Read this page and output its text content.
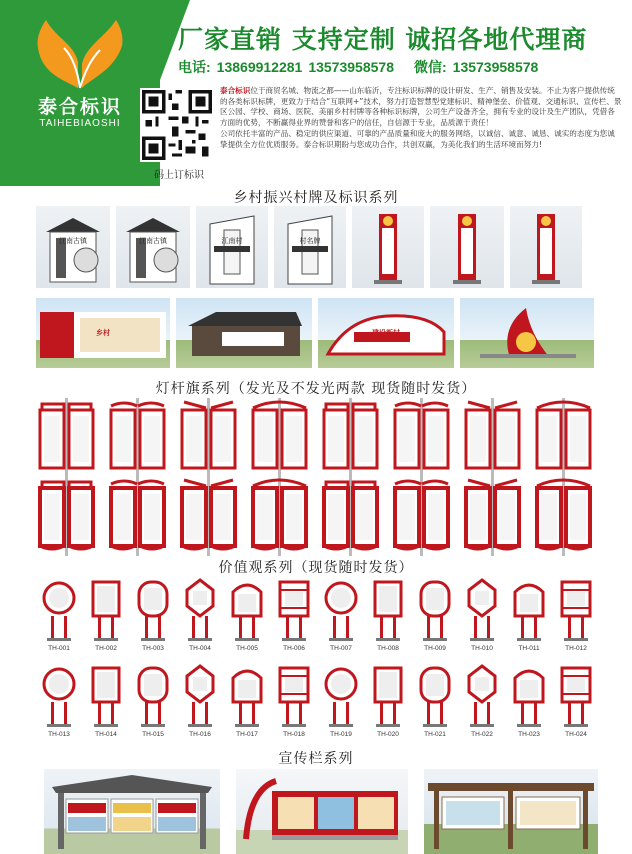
泰合标识
TAIHEBIAOSHI
厂家直销 支持定制 诚招各地代理商
电话: 13869912281 13573958578 微信: 13573958578
码上订标识

泰合标识位于商贸名城、物流之都——山东临沂，专注标识标牌的设计研发、生产、销售及安装。不止为客户提供传统的各类标识标牌，更致力于结合“互联网+”技术，努力打造智慧型党建标识、精神堡垒、价值观、交通标识、宣传栏、景区公园、学校、商场、医院、美丽乡村村牌等各种标识标牌，公司生产设备齐全，拥有专业的设计及生产团队，凭借各方面的优势，不断赢得业界的赞誉和客户的信任，自信源于专业，品质源于责任！

公司依托丰富的产品、稳定的供应渠道、可靠的产品质量和庞大的服务网络，以诚信、诚意、诚恳、诚实的态度为您诚挚提供全方位优质服务。泰合标识期盼与您成功合作，共创双赢，为美化我们的生活环境而努力!

乡村振兴村牌及标识系列
江南古镇	江南古镇	江南村	村名牌
乡村	建设新村
灯杆旗系列（发光及不发光两款 现货随时发货）
价值观系列（现货随时发货）
TH-001	TH-002	TH-003	TH-004	TH-005	TH-006	TH-007	TH-008	TH-009	TH-010	TH-011	TH-012
TH-013	TH-014	TH-015	TH-016	TH-017	TH-018	TH-019	TH-020	TH-021	TH-022	TH-023	TH-024
宣传栏系列
